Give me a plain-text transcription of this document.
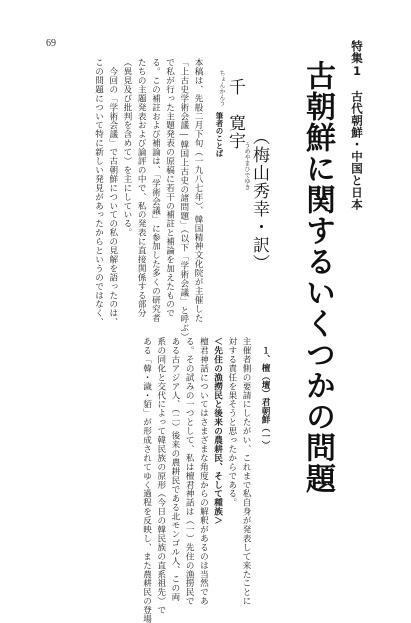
69	特集1　古代朝鮮・中国と日本
古朝鮮に関するいくつかの問題
ちょんかんう 千　寛宇
うめやまひでゆき （梅山秀幸・訳）
筆者のことば
本稿は、先般二月下旬（一九八七年）、韓国精神文化院が主催した
「上古史学術会議―韓国上古史の諸問題」（以下「学術会議」と呼ぶ）
で私が行った主題発表の原稿に若干の補註と補論を加えたもので
る。この補註および補論は、「学術会議」に参加した多くの研究者
たちの主題発表および論評の中で、私の発表に直接関係する部分
（異見及び批判を含めて）を主にしている。
　今回の「学術会議」で古朝鮮についての私の見解を語ったのは、
この問題について特に新しい発見があったからというのではなく、
主催者側の要請にしたがい、これまで私自身が発表して来たことに
対する責任を果そうと思ったからである。
＜先住の漁撈民と後来の農耕民、そして種族＞
檀君神話についてはさまざまな角度からの解釈があるのは当然であ
る。その試みの一つとして、私は檀君神話は（一）先住の漁撈民で
ある古アジア人、（二）後来の農耕民である北モンゴル人、この両
系の同化と交代によって韓民族の原形（今日の韓民族の直系祖先）で
ある「韓・濊・貊」が形成されてゆく過程を反映し、また農耕民の登場	１、檀（壇）君朝鮮（一）
